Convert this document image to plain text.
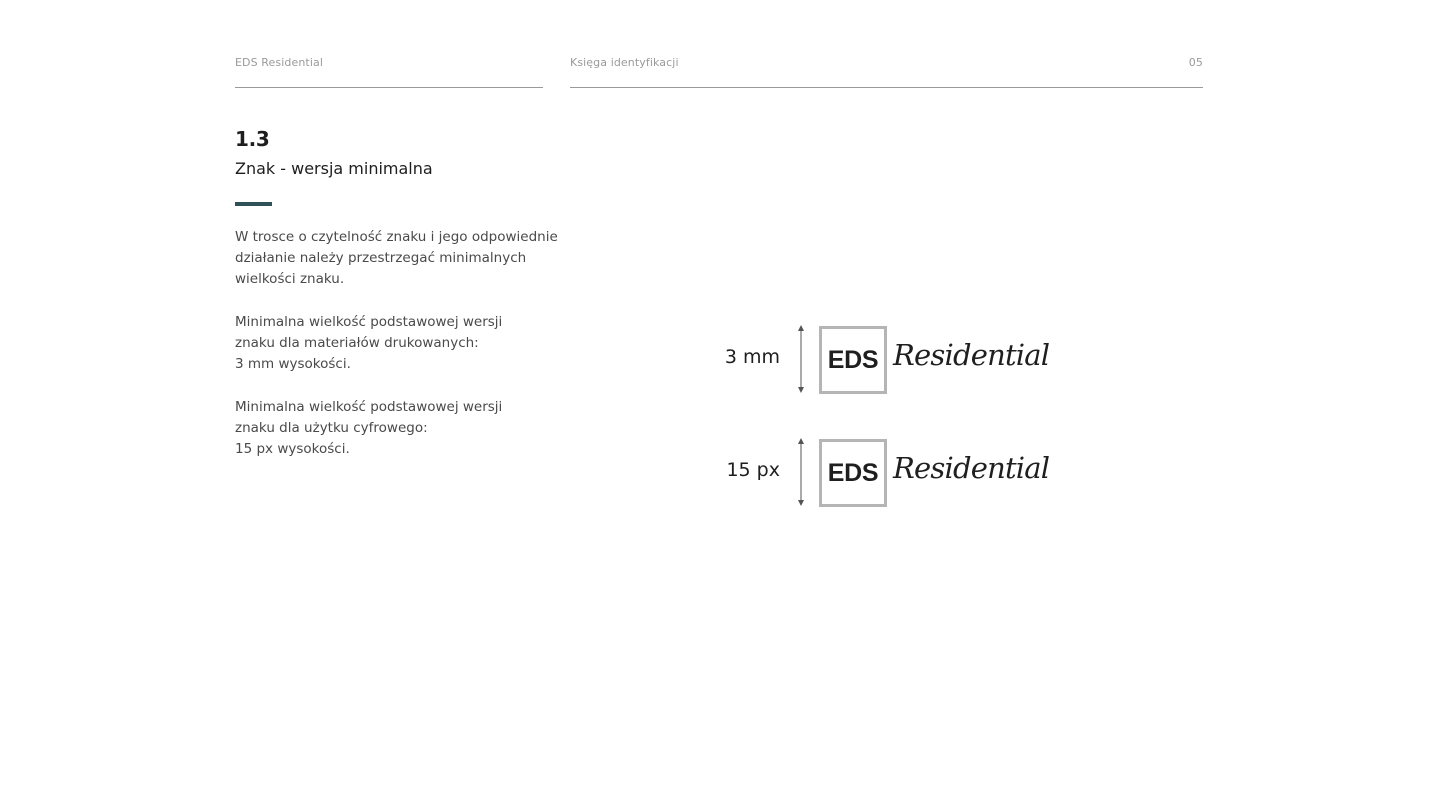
EDS Residential	Księga identyfikacji	05
1.3
Znak - wersja minimalna

W trosce o czytelność znaku i jego odpowiednie
działanie należy przestrzegać minimalnych
wielkości znaku.

Minimalna wielkość podstawowej wersji
znaku dla materiałów drukowanych:
3 mm wysokości.

Minimalna wielkość podstawowej wersji
znaku dla użytku cyfrowego:
15 px wysokości.

3 mm EDS Residential
15 px EDS Residential
